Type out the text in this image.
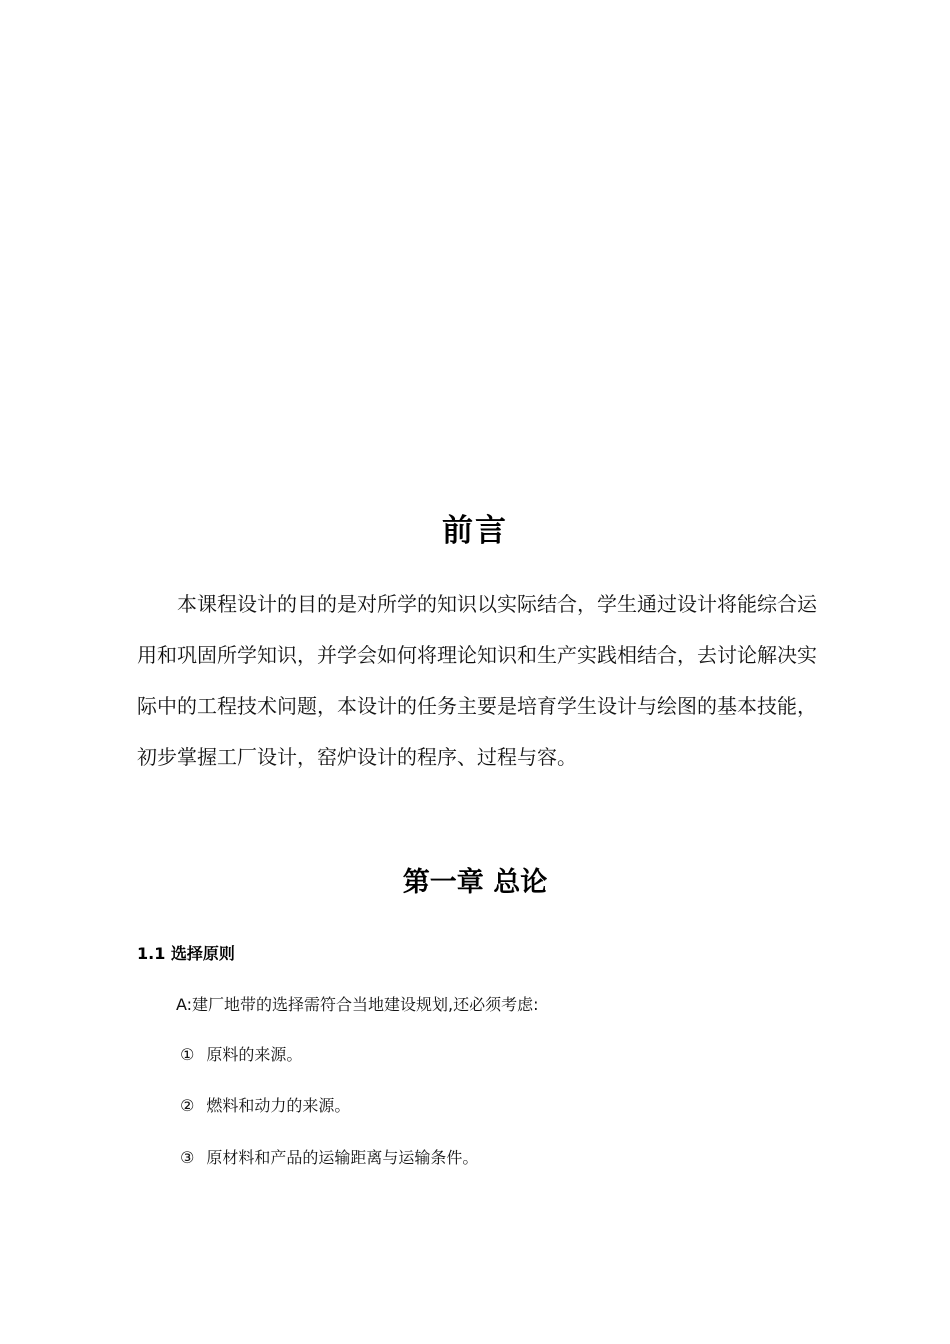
前言
本课程设计的目的是对所学的知识以实际结合，学生通过设计将能综合运用和巩固所学知识，并学会如何将理论知识和生产实践相结合，去讨论解决实际中的工程技术问题，本设计的任务主要是培育学生设计与绘图的基本技能，初步掌握工厂设计，窑炉设计的程序、过程与容。
第一章 总论
1.1 选择原则
A:建厂地带的选择需符合当地建设规划,还必须考虑:
① 原料的来源。
② 燃料和动力的来源。
③ 原材料和产品的运输距离与运输条件。
